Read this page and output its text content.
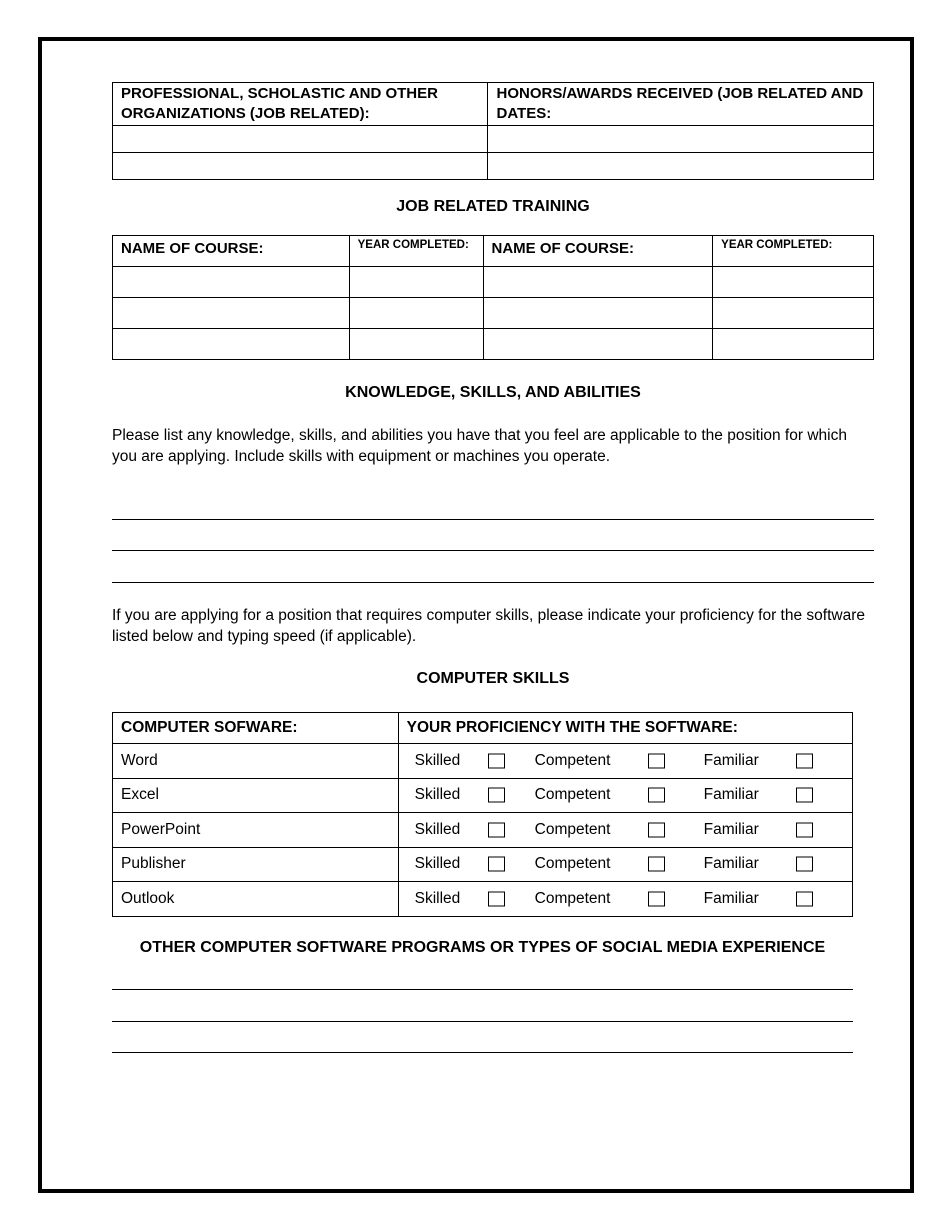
PROFESSIONAL, SCHOLASTIC AND OTHER ORGANIZATIONS (JOB RELATED):	HONORS/AWARDS RECEIVED (JOB RELATED AND DATES:

JOB RELATED TRAINING
NAME OF COURSE:	YEAR COMPLETED:	NAME OF COURSE:	YEAR COMPLETED:

KNOWLEDGE, SKILLS, AND ABILITIES
Please list any knowledge, skills, and abilities you have that you feel are applicable to the position for which you are applying. Include skills with equipment or machines you operate.
If you are applying for a position that requires computer skills, please indicate your proficiency for the software listed below and typing speed (if applicable).
COMPUTER SKILLS
COMPUTER SOFWARE:	YOUR PROFICIENCY WITH THE SOFTWARE:
Word	Skilled Competent Familiar

Excel	Skilled Competent Familiar

PowerPoint	Skilled Competent Familiar

Publisher	Skilled Competent Familiar

Outlook	Skilled Competent Familiar
OTHER COMPUTER SOFTWARE PROGRAMS OR TYPES OF SOCIAL MEDIA EXPERIENCE
